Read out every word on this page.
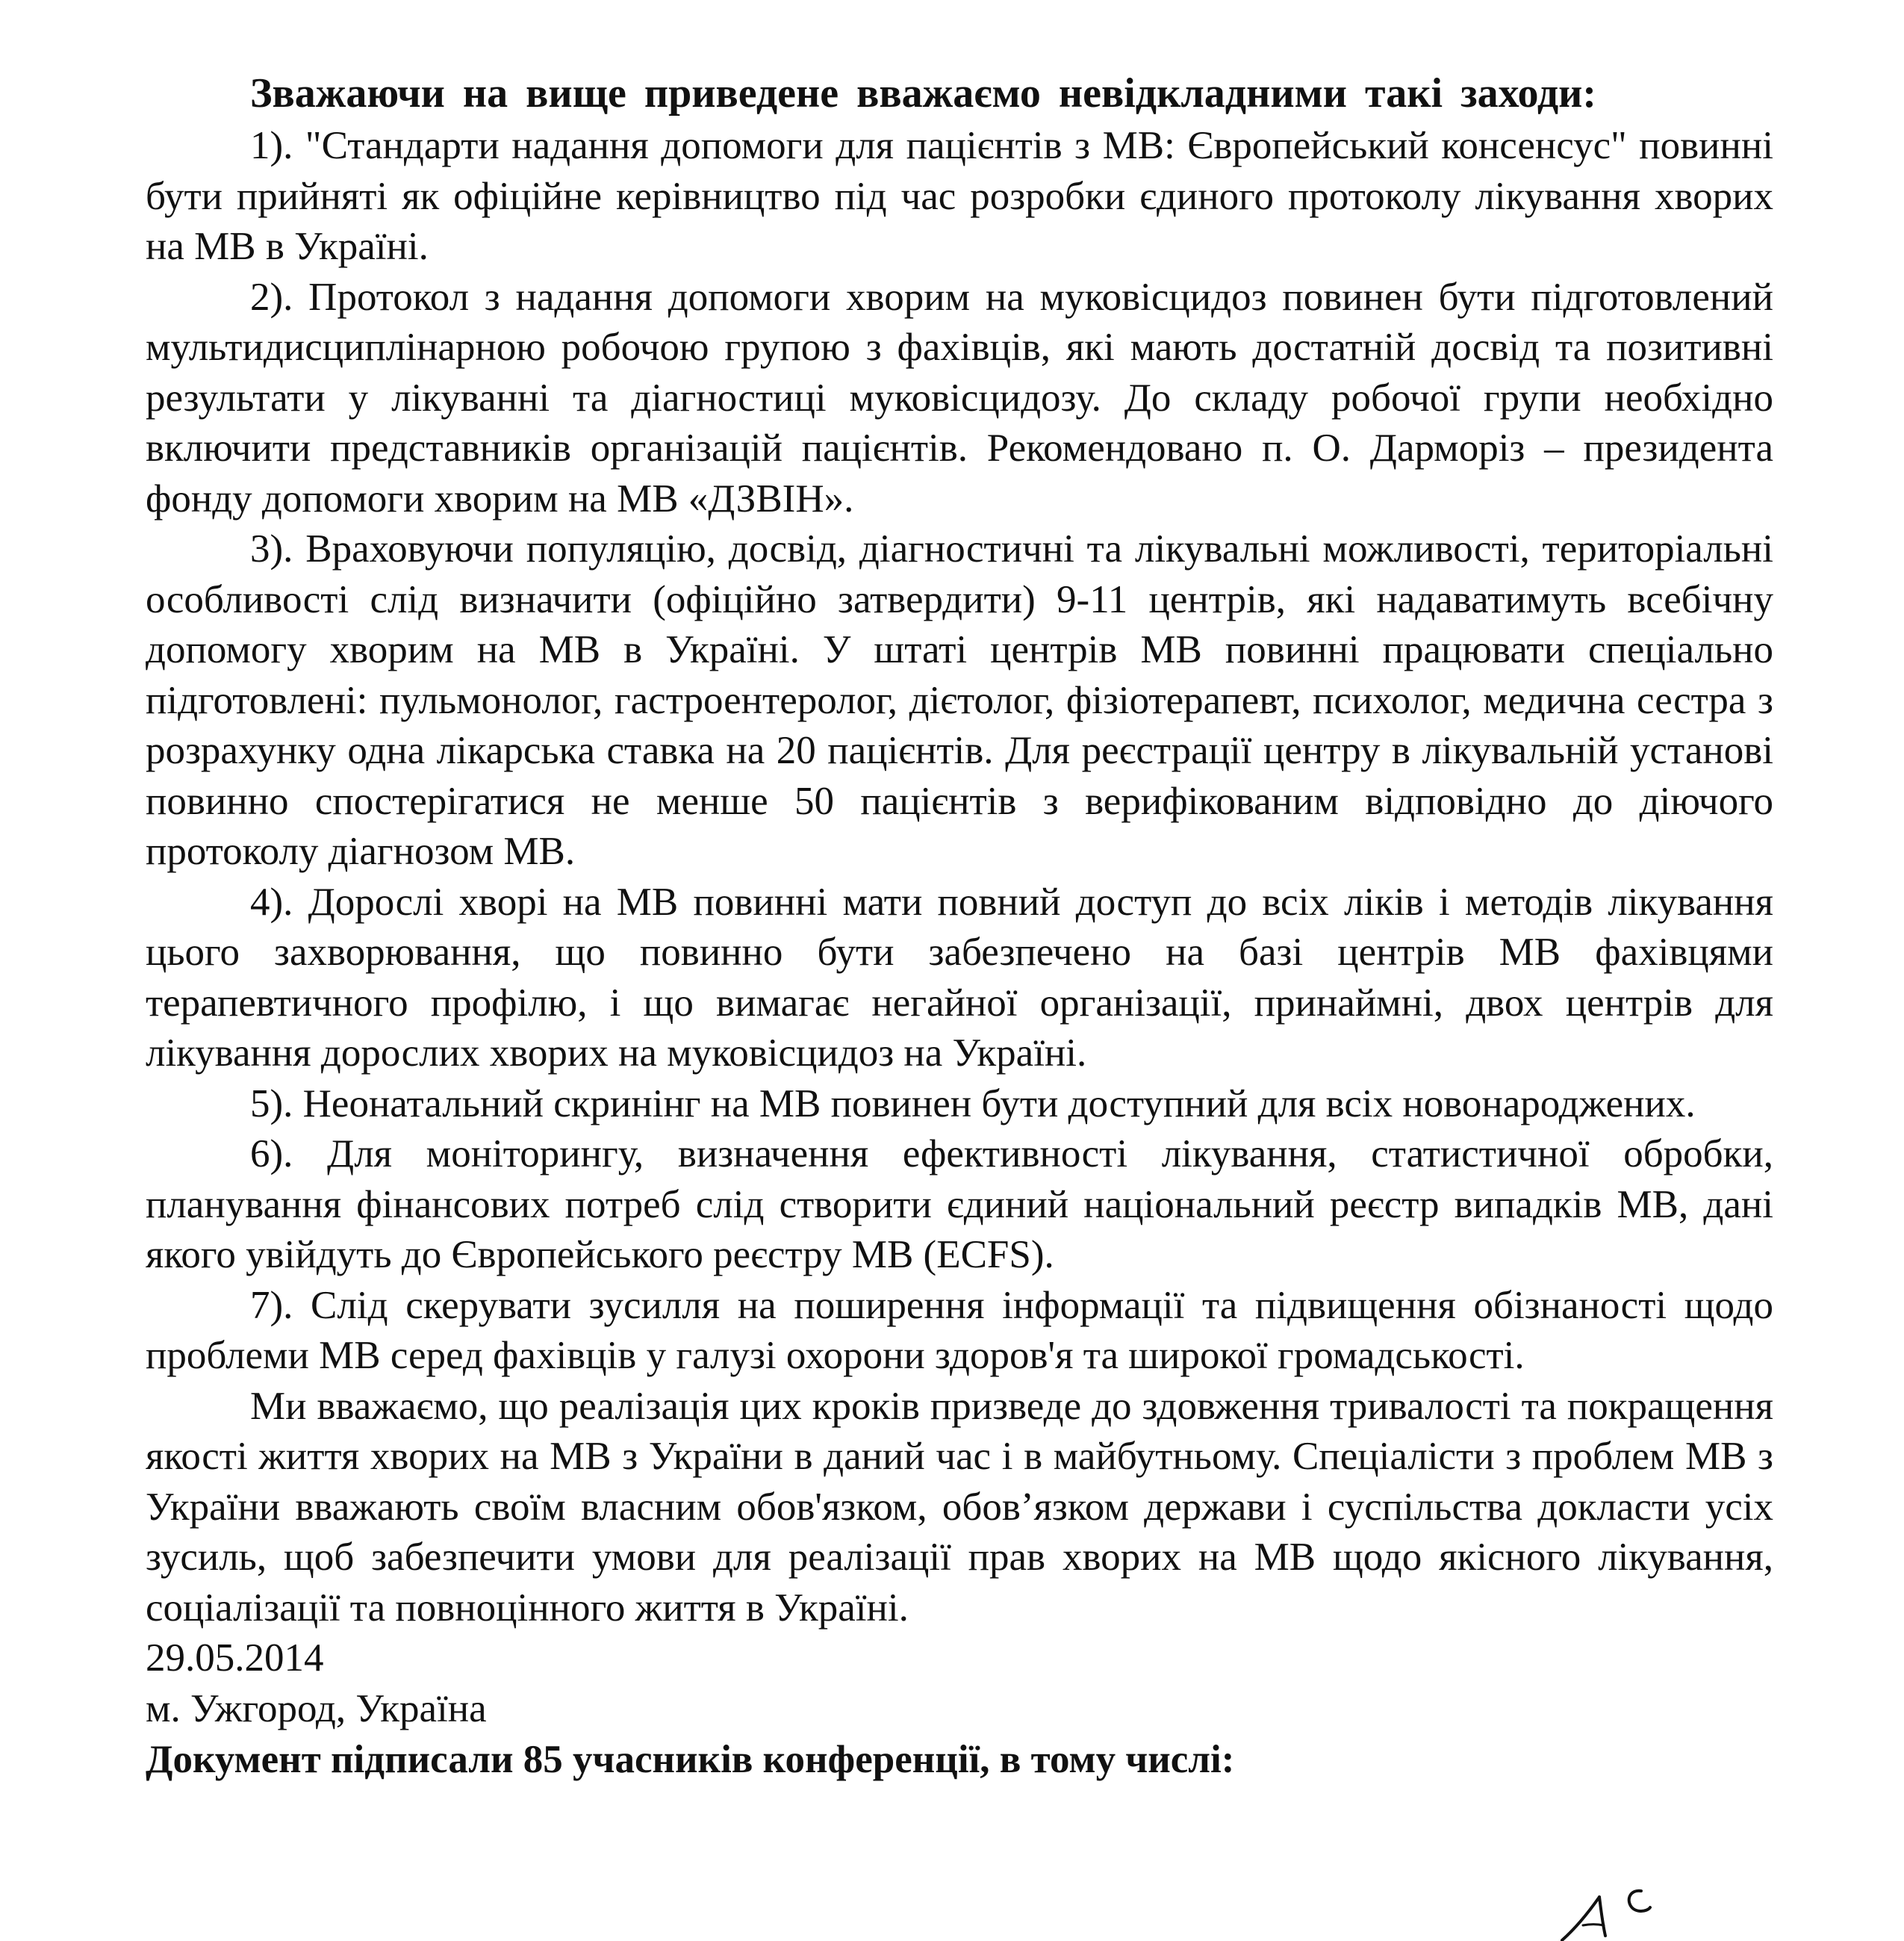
Зважаючи на вище приведене вважаємо невідкладними такі заходи:

1). "Стандарти надання допомоги для пацієнтів з МВ: Європейський консенсус" повинні бути прийняті як офіційне керівництво під час розробки єдиного протоколу лікування хворих на МВ в Україні.

2). Протокол з надання допомоги хворим на муковісцидоз повинен бути підготовлений мультидисциплінарною робочою групою з фахівців, які мають достатній досвід та позитивні результати у лікуванні та діагностиці муковісцидозу. До складу робочої групи необхідно включити представників організацій пацієнтів. Рекомендовано п. О. Дарморіз – президента фонду допомоги хворим на МВ «ДЗВІН».

3). Враховуючи популяцію, досвід, діагностичні та лікувальні можливості, територіальні особливості слід визначити (офіційно затвердити) 9-11 центрів, які надаватимуть всебічну допомогу хворим на МВ в Україні. У штаті центрів МВ повинні працювати спеціально підготовлені: пульмонолог, гастроентеролог, дієтолог, фізіотерапевт, психолог, медична сестра з розрахунку одна лікарська ставка на 20 пацієнтів. Для реєстрації центру в лікувальній установі повинно спостерігатися не менше 50 пацієнтів з верифікованим відповідно до діючого протоколу діагнозом МВ.

4). Дорослі хворі на МВ повинні мати повний доступ до всіх ліків і методів лікування цього захворювання, що повинно бути забезпечено на базі центрів МВ фахівцями терапевтичного профілю, і що вимагає негайної організації, принаймні, двох центрів для лікування дорослих хворих на муковісцидоз на Україні.

5). Неонатальний скринінг на МВ повинен бути доступний для всіх новонароджених.

6). Для моніторингу, визначення ефективності лікування, статистичної обробки, планування фінансових потреб слід створити єдиний національний реєстр випадків МВ, дані якого увійдуть до Європейського реєстру МВ (ECFS).

7). Слід скерувати зусилля на поширення інформації та підвищення обізнаності щодо проблеми МВ серед фахівців у галузі охорони здоров'я та широкої громадськості.

Ми вважаємо, що реалізація цих кроків призведе до здовження тривалості та покращення якості життя хворих на МВ з України в даний час і в майбутньому. Спеціалісти з проблем МВ з України вважають своїм власним обов'язком, обов’язком держави і суспільства докласти усіх зусиль, щоб забезпечити умови для реалізації прав хворих на МВ щодо якісного лікування, соціалізації та повноцінного життя в Україні.

29.05.2014

м. Ужгород, Україна

Документ підписали 85 учасників конференції, в тому числі:
